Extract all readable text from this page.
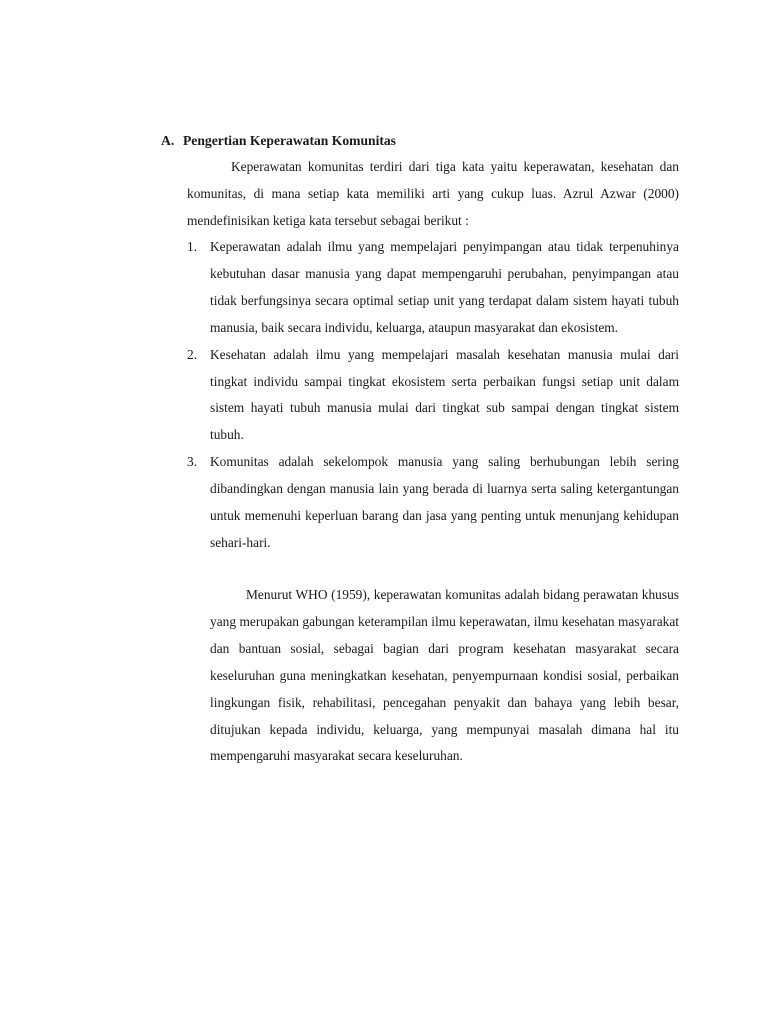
A. Pengertian Keperawatan Komunitas

Keperawatan komunitas terdiri dari tiga kata yaitu keperawatan, kesehatan dan komunitas, di mana setiap kata memiliki arti yang cukup luas. Azrul Azwar (2000) mendefinisikan ketiga kata tersebut sebagai berikut :

1. Keperawatan adalah ilmu yang mempelajari penyimpangan atau tidak terpenuhinya kebutuhan dasar manusia yang dapat mempengaruhi perubahan, penyimpangan atau tidak berfungsinya secara optimal setiap unit yang terdapat dalam sistem hayati tubuh manusia, baik secara individu, keluarga, ataupun masyarakat dan ekosistem.
2. Kesehatan adalah ilmu yang mempelajari masalah kesehatan manusia mulai dari tingkat individu sampai tingkat ekosistem serta perbaikan fungsi setiap unit dalam sistem hayati tubuh manusia mulai dari tingkat sub sampai dengan tingkat sistem tubuh.
3. Komunitas adalah sekelompok manusia yang saling berhubungan lebih sering dibandingkan dengan manusia lain yang berada di luarnya serta saling ketergantungan untuk memenuhi keperluan barang dan jasa yang penting untuk menunjang kehidupan sehari-hari.

Menurut WHO (1959), keperawatan komunitas adalah bidang perawatan khusus yang merupakan gabungan keterampilan ilmu keperawatan, ilmu kesehatan masyarakat dan bantuan sosial, sebagai bagian dari program kesehatan masyarakat secara keseluruhan guna meningkatkan kesehatan, penyempurnaan kondisi sosial, perbaikan lingkungan fisik, rehabilitasi, pencegahan penyakit dan bahaya yang lebih besar, ditujukan kepada individu, keluarga, yang mempunyai masalah dimana hal itu mempengaruhi masyarakat secara keseluruhan.
